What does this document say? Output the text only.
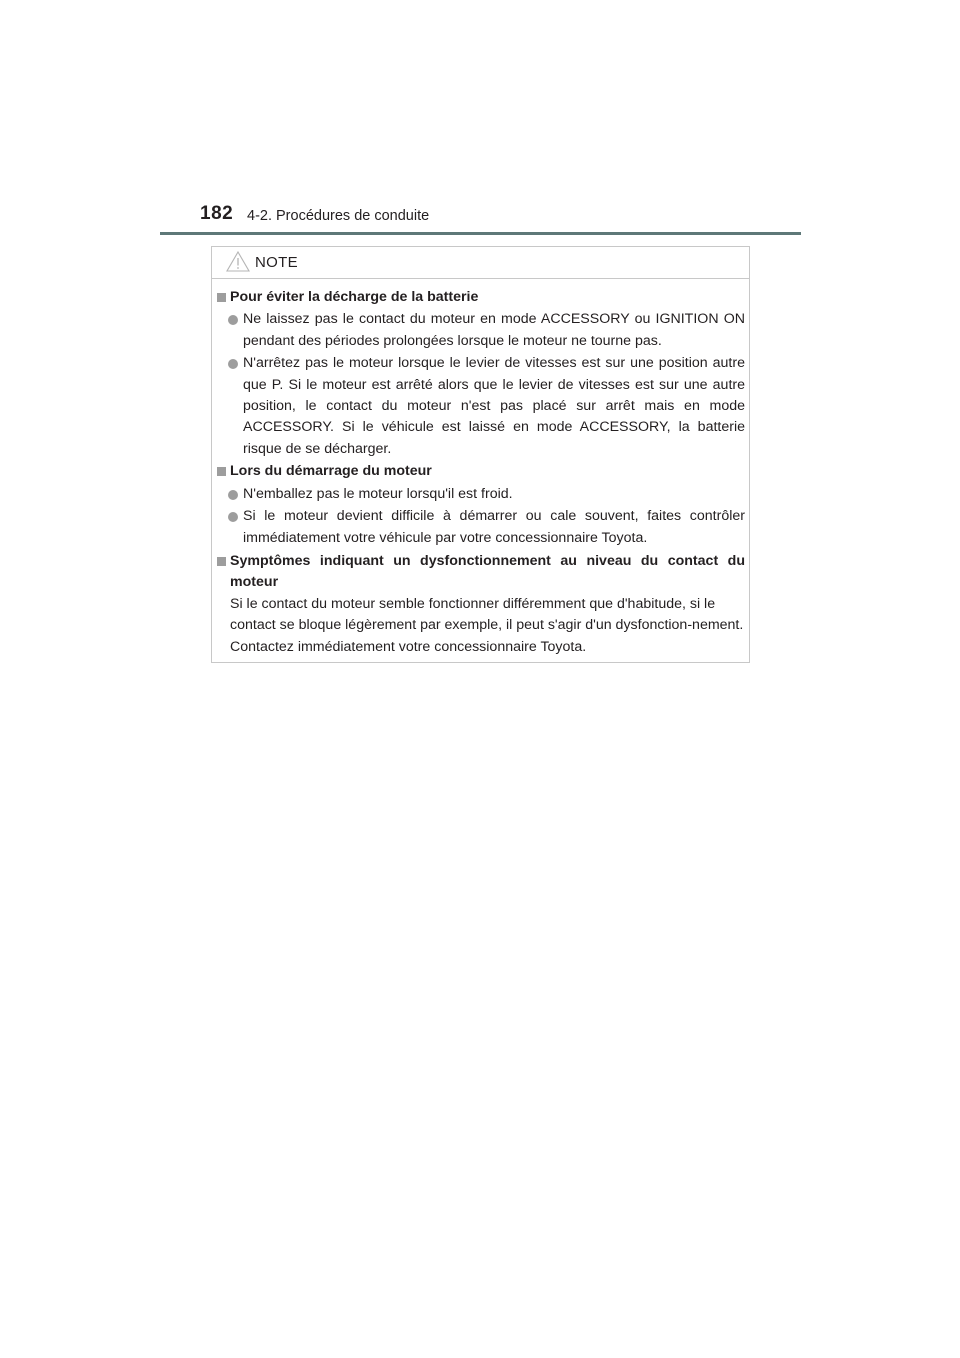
182 4-2. Procédures de conduite
NOTE
Pour éviter la décharge de la batterie
Ne laissez pas le contact du moteur en mode ACCESSORY ou IGNITION ON pendant des périodes prolongées lorsque le moteur ne tourne pas.
N'arrêtez pas le moteur lorsque le levier de vitesses est sur une position autre que P. Si le moteur est arrêté alors que le levier de vitesses est sur une autre position, le contact du moteur n'est pas placé sur arrêt mais en mode ACCESSORY. Si le véhicule est laissé en mode ACCESSORY, la batterie risque de se décharger.
Lors du démarrage du moteur
N'emballez pas le moteur lorsqu'il est froid.
Si le moteur devient difficile à démarrer ou cale souvent, faites contrôler immédiatement votre véhicule par votre concessionnaire Toyota.
Symptômes indiquant un dysfonctionnement au niveau du contact du moteur
Si le contact du moteur semble fonctionner différemment que d'habitude, si le contact se bloque légèrement par exemple, il peut s'agir d'un dysfonction-nement. Contactez immédiatement votre concessionnaire Toyota.
